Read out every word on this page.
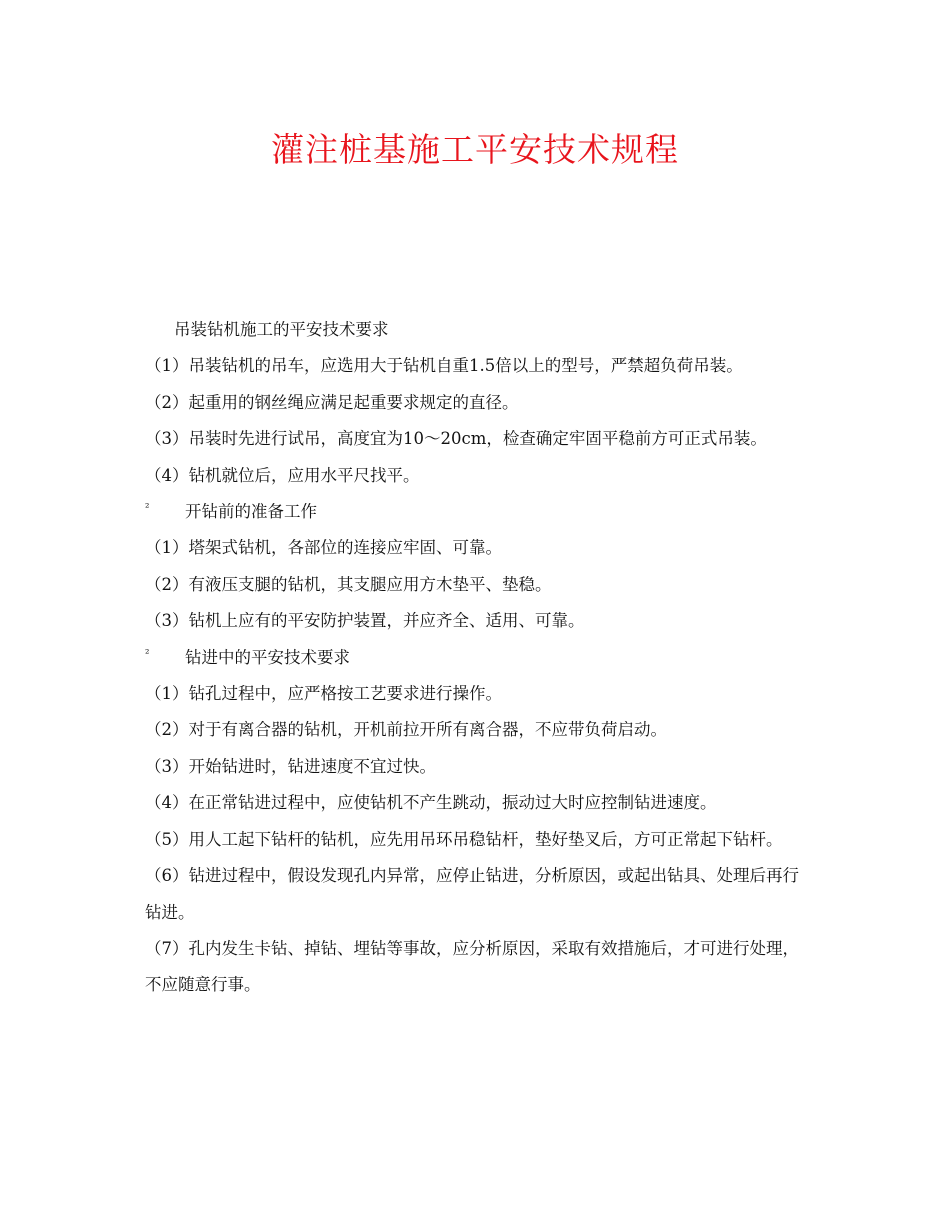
灌注桩基施工平安技术规程

吊装钻机施工的平安技术要求

（1）吊装钻机的吊车，应选用大于钻机自重1.5倍以上的型号，严禁超负荷吊装。

（2）起重用的钢丝绳应满足起重要求规定的直径。

（3）吊装时先进行试吊，高度宜为10～20cm，检查确定牢固平稳前方可正式吊装。

（4）钻机就位后，应用水平尺找平。

² 开钻前的准备工作

（1）塔架式钻机，各部位的连接应牢固、可靠。

（2）有液压支腿的钻机，其支腿应用方木垫平、垫稳。

（3）钻机上应有的平安防护装置，并应齐全、适用、可靠。

² 钻进中的平安技术要求

（1）钻孔过程中，应严格按工艺要求进行操作。

（2）对于有离合器的钻机，开机前拉开所有离合器，不应带负荷启动。

（3）开始钻进时，钻进速度不宜过快。

（4）在正常钻进过程中，应使钻机不产生跳动，振动过大时应控制钻进速度。

（5）用人工起下钻杆的钻机，应先用吊环吊稳钻杆，垫好垫叉后，方可正常起下钻杆。

（6）钻进过程中，假设发现孔内异常，应停止钻进，分析原因，或起出钻具、处理后再行钻进。

（7）孔内发生卡钻、掉钻、埋钻等事故，应分析原因，采取有效措施后，才可进行处理，不应随意行事。
